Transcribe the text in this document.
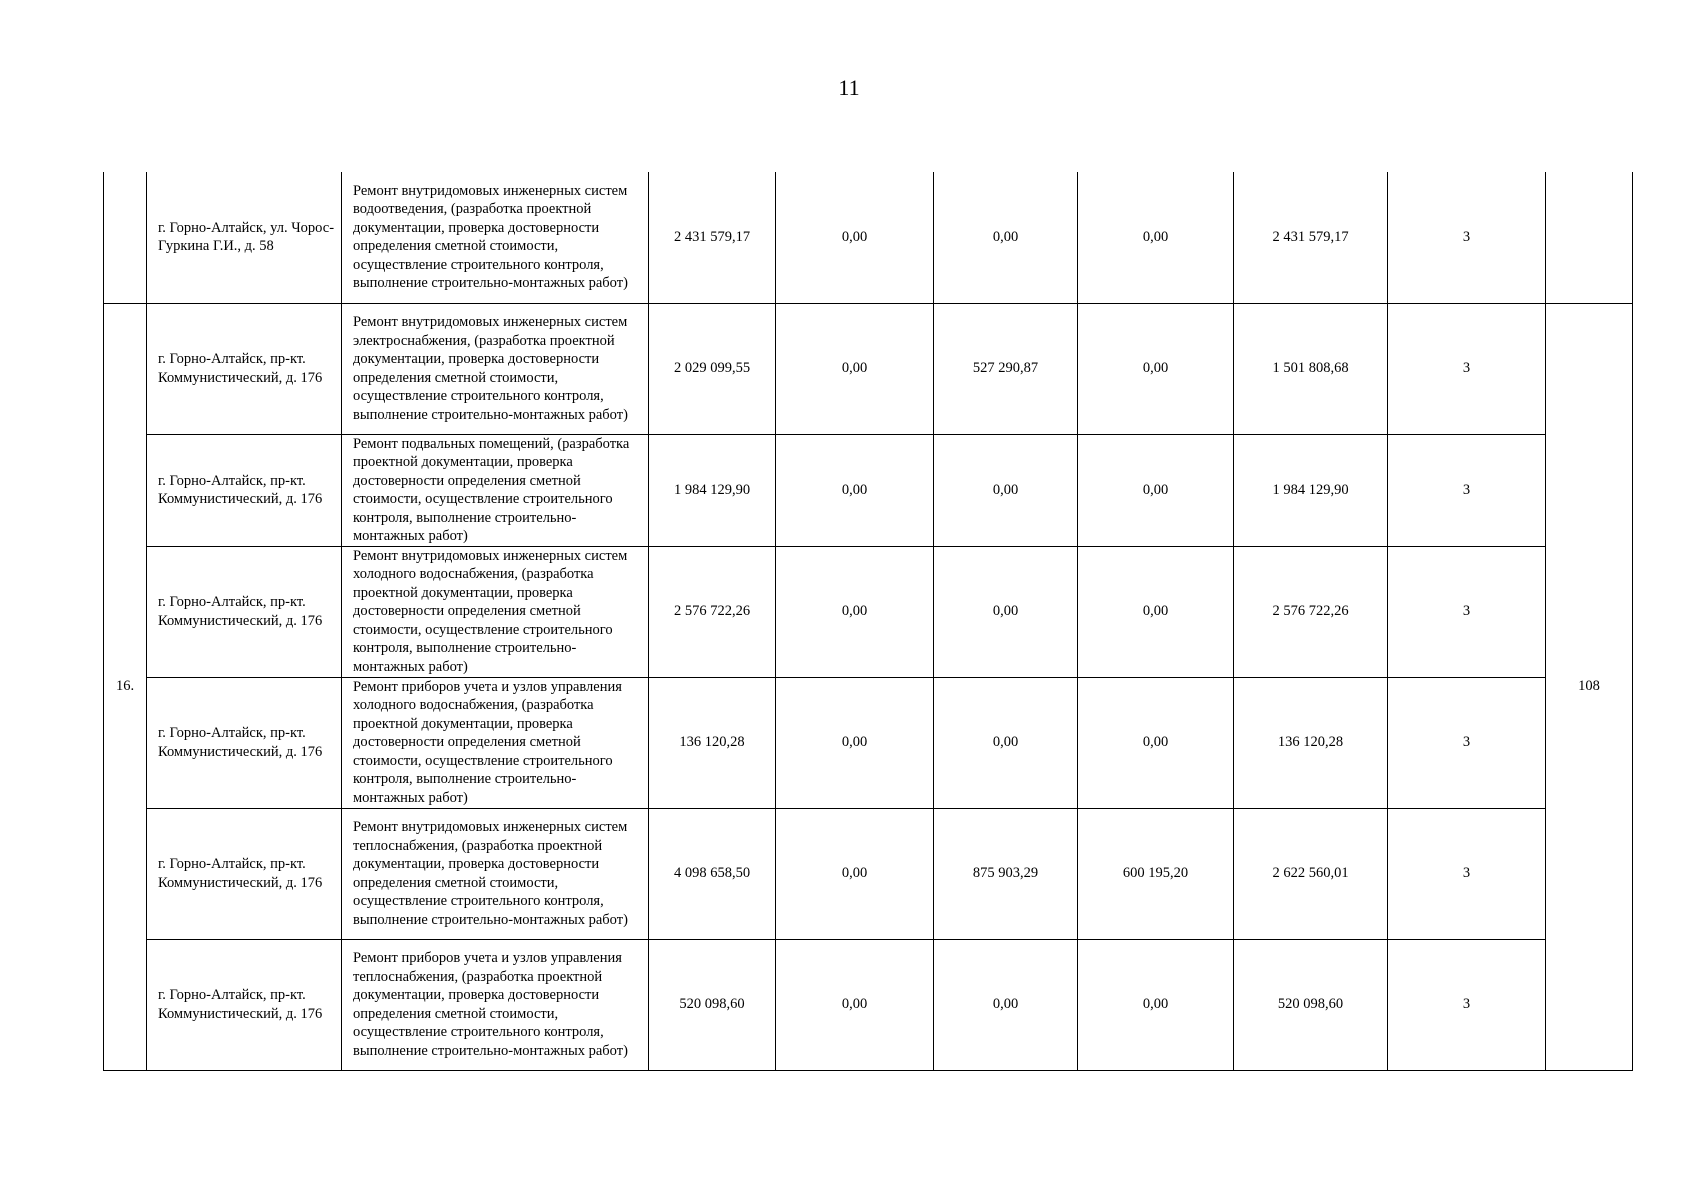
11
	г. Горно-Алтайск, ул. Чорос-Гуркина Г.И., д. 58	Ремонт внутридомовых инженерных систем водоотведения, (разработка проектной документации, проверка достоверности определения сметной стоимости, осуществление строительного контроля, выполнение строительно-монтажных работ)	2 431 579,17	0,00	0,00	0,00	2 431 579,17	3	
16.	г. Горно-Алтайск, пр-кт. Коммунистический, д. 176	Ремонт внутридомовых инженерных систем электроснабжения, (разработка проектной документации, проверка достоверности определения сметной стоимости, осуществление строительного контроля, выполнение строительно-монтажных работ)	2 029 099,55	0,00	527 290,87	0,00	1 501 808,68	3	108
	г. Горно-Алтайск, пр-кт. Коммунистический, д. 176	Ремонт подвальных помещений, (разработка проектной документации, проверка достоверности определения сметной стоимости, осуществление строительного контроля, выполнение строительно-монтажных работ)	1 984 129,90	0,00	0,00	0,00	1 984 129,90	3	
	г. Горно-Алтайск, пр-кт. Коммунистический, д. 176	Ремонт внутридомовых инженерных систем холодного водоснабжения, (разработка проектной документации, проверка достоверности определения сметной стоимости, осуществление строительного контроля, выполнение строительно-монтажных работ)	2 576 722,26	0,00	0,00	0,00	2 576 722,26	3	
	г. Горно-Алтайск, пр-кт. Коммунистический, д. 176	Ремонт приборов учета и узлов управления холодного водоснабжения, (разработка проектной документации, проверка достоверности определения сметной стоимости, осуществление строительного контроля, выполнение строительно-монтажных работ)	136 120,28	0,00	0,00	0,00	136 120,28	3	
	г. Горно-Алтайск, пр-кт. Коммунистический, д. 176	Ремонт внутридомовых инженерных систем теплоснабжения, (разработка проектной документации, проверка достоверности определения сметной стоимости, осуществление строительного контроля, выполнение строительно-монтажных работ)	4 098 658,50	0,00	875 903,29	600 195,20	2 622 560,01	3	
	г. Горно-Алтайск, пр-кт. Коммунистический, д. 176	Ремонт приборов учета и узлов управления теплоснабжения, (разработка проектной документации, проверка достоверности определения сметной стоимости, осуществление строительного контроля, выполнение строительно-монтажных работ)	520 098,60	0,00	0,00	0,00	520 098,60	3	
